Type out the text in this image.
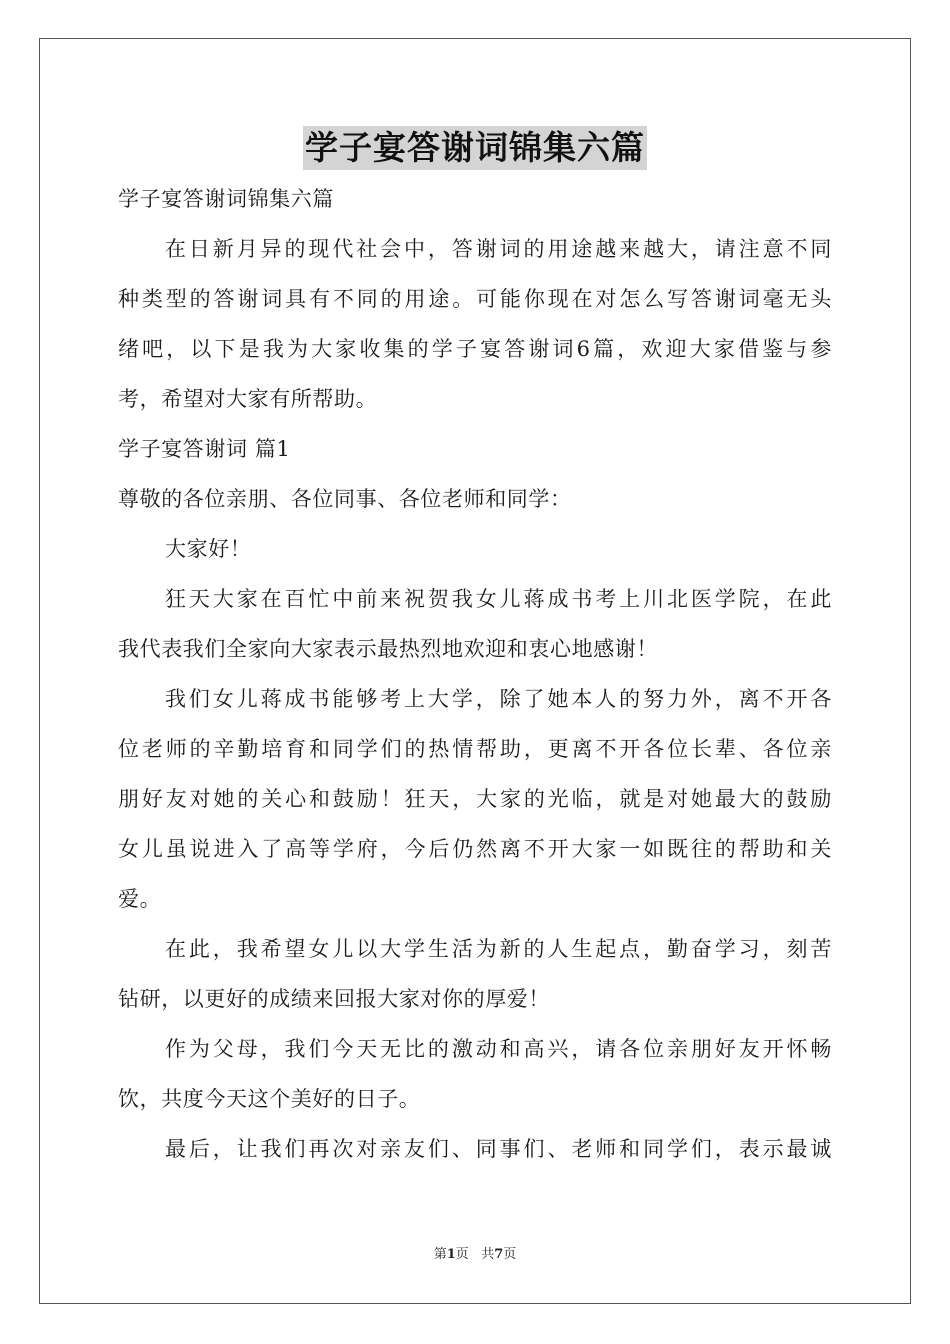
学子宴答谢词锦集六篇
学子宴答谢词锦集六篇
在日新月异的现代社会中，答谢词的用途越来越大，请注意不同
种类型的答谢词具有不同的用途。可能你现在对怎么写答谢词毫无头
绪吧，以下是我为大家收集的学子宴答谢词6篇，欢迎大家借鉴与参
考，希望对大家有所帮助。
学子宴答谢词 篇1
尊敬的各位亲朋、各位同事、各位老师和同学：
大家好！
狂天大家在百忙中前来祝贺我女儿蒋成书考上川北医学院，在此
我代表我们全家向大家表示最热烈地欢迎和衷心地感谢！
我们女儿蒋成书能够考上大学，除了她本人的努力外，离不开各
位老师的辛勤培育和同学们的热情帮助，更离不开各位长辈、各位亲
朋好友对她的关心和鼓励！狂天，大家的光临，就是对她最大的鼓励
女儿虽说进入了高等学府，今后仍然离不开大家一如既往的帮助和关
爱。
在此，我希望女儿以大学生活为新的人生起点，勤奋学习，刻苦
钻研，以更好的成绩来回报大家对你的厚爱！
作为父母，我们今天无比的激动和高兴，请各位亲朋好友开怀畅
饮，共度今天这个美好的日子。
最后，让我们再次对亲友们、同事们、老师和同学们，表示最诚
第1页 共7页
